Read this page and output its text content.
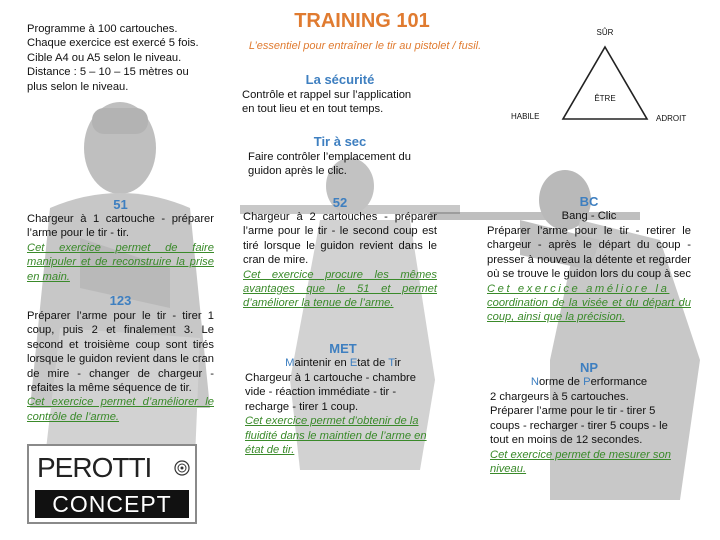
TRAINING 101
L’essentiel pour entraîner le tir au pistolet / fusil.
Programme à 100 cartouches.
Chaque exercice est exercé 5 fois.
Cible A4 ou A5 selon le niveau.
Distance : 5 – 10 – 15 mètres ou
plus selon le niveau.
SÛR
ÊTRE
HABILE	ADROIT
La sécurité
Contrôle et rappel sur l’application
en tout lieu et en tout temps.
Tir à sec
Faire contrôler l’emplacement du
guidon après le clic.
51
Chargeur à 1 cartouche - préparer l’arme pour le tir - tir.
Cet exercice permet de faire manipuler et de reconstruire la prise en main.
123
Préparer l’arme pour le tir - tirer 1 coup, puis 2 et finalement 3. Le second et troisième coup sont tirés lorsque le guidon revient dans le cran de mire - changer de chargeur - refaites la même séquence de tir.
Cet exercice permet d’améliorer le contrôle de l’arme.
52
Chargeur à 2 cartouches - préparer l’arme pour le tir - le second coup est tiré lorsque le guidon revient dans le cran de mire.
Cet exercice procure les mêmes avantages que le 51 et permet d’améliorer la tenue de l’arme.
MET
Maintenir en Etat de Tir
Chargeur à 1 cartouche - chambre
vide - réaction immédiate - tir -
recharge - tirer 1 coup.
Cet exercice permet d’obtenir de la fluidité dans le maintien de l’arme en état de tir.
BC
Bang - Clic
Préparer l’arme pour le tir - retirer le chargeur - après le départ du coup - presser à nouveau la détente et regarder où se trouve le guidon lors du coup à sec
Cet exercice améliore la
coordination de la visée et du départ du coup, ainsi que la précision.
NP
Norme de Performance
2 chargeurs à 5 cartouches.
Préparer l’arme pour le tir - tirer 5
coups - recharger - tirer 5 coups - le
tout en moins de 12 secondes.
Cet exercice permet de mesurer son niveau.
PEROTTI
CONCEPT
